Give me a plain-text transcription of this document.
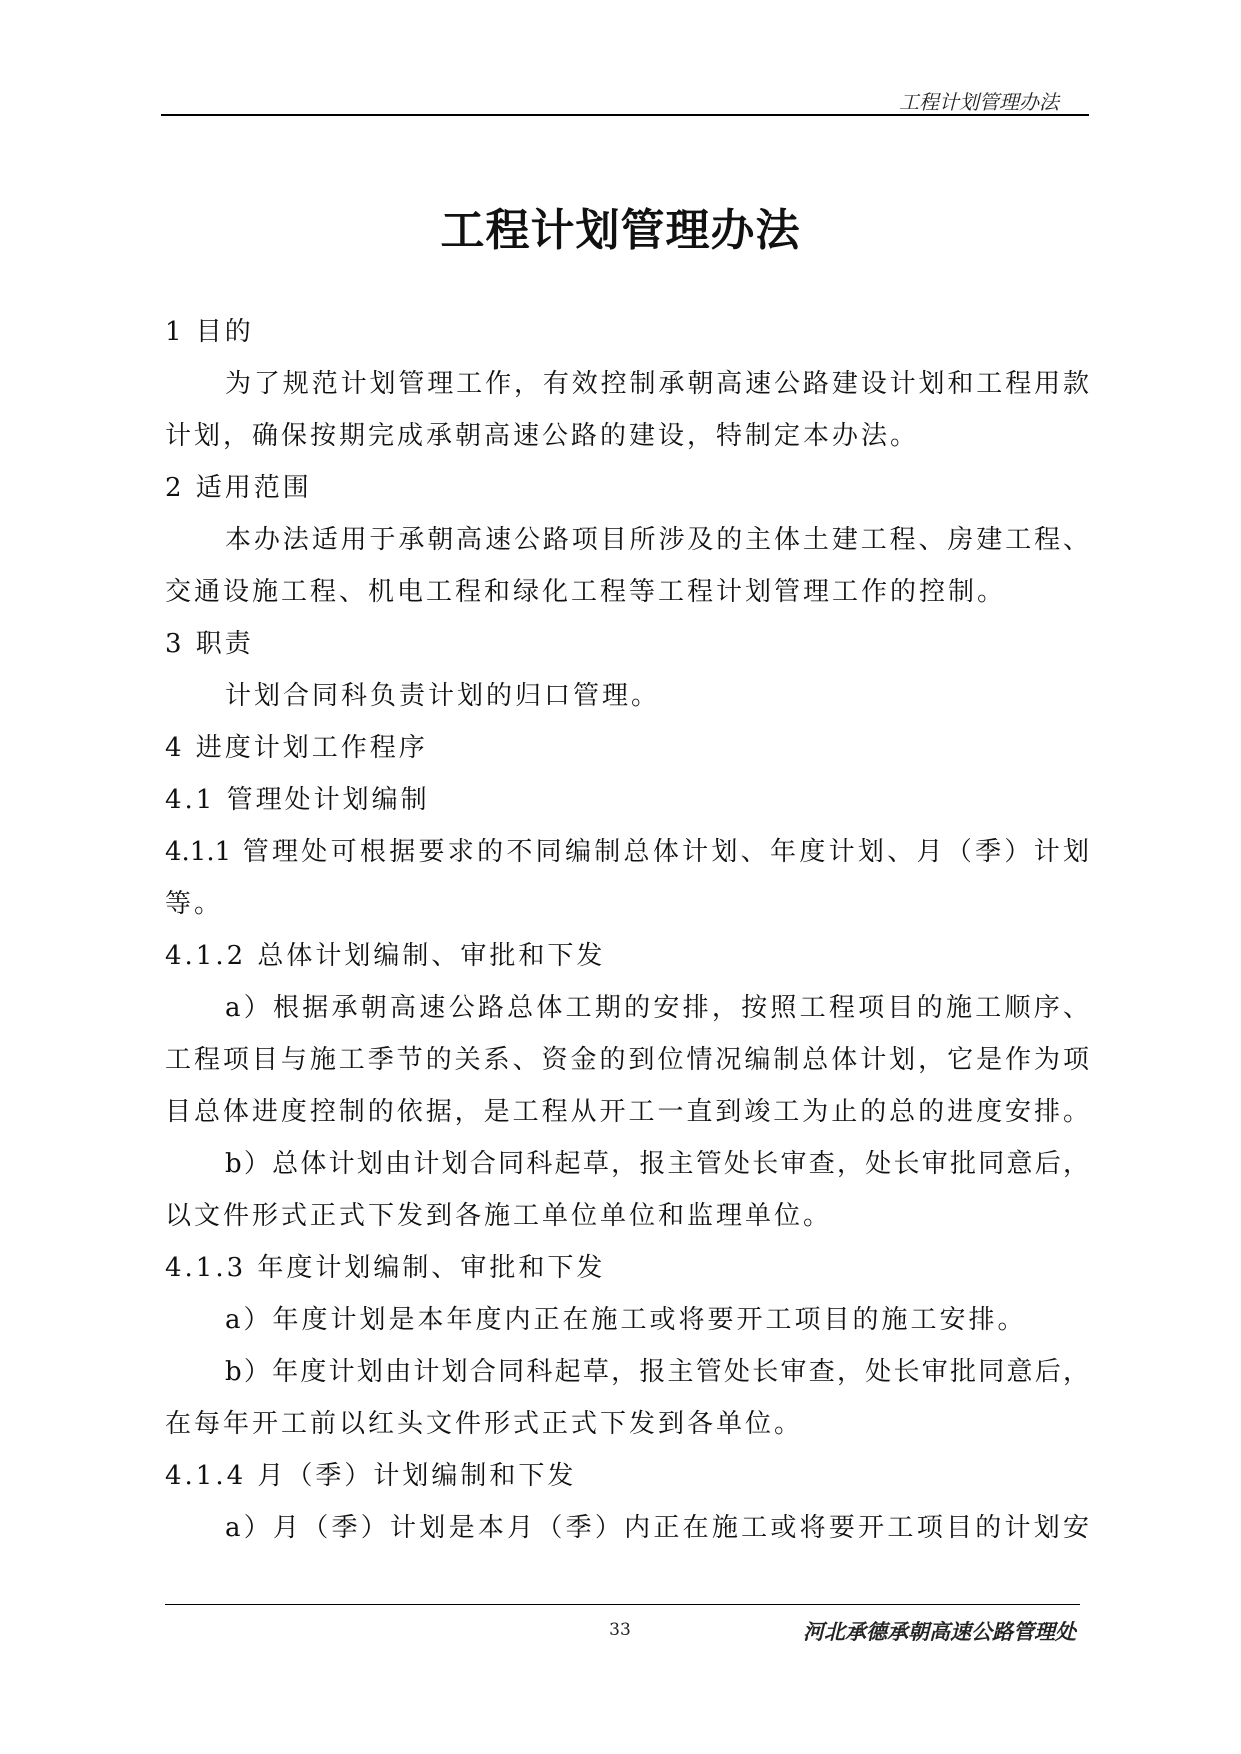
工程计划管理办法

工程计划管理办法
1 目的
为了规范计划管理工作，有效控制承朝高速公路建设计划和工程用款
计划，确保按期完成承朝高速公路的建设，特制定本办法。
2 适用范围
本办法适用于承朝高速公路项目所涉及的主体土建工程、房建工程、
交通设施工程、机电工程和绿化工程等工程计划管理工作的控制。
3 职责
计划合同科负责计划的归口管理。
4 进度计划工作程序
4.1 管理处计划编制
4.1.1 管理处可根据要求的不同编制总体计划、年度计划、月（季）计划
等。
4.1.2 总体计划编制、审批和下发
a）根据承朝高速公路总体工期的安排，按照工程项目的施工顺序、
工程项目与施工季节的关系、资金的到位情况编制总体计划，它是作为项
目总体进度控制的依据，是工程从开工一直到竣工为止的总的进度安排。
b）总体计划由计划合同科起草，报主管处长审查，处长审批同意后，
以文件形式正式下发到各施工单位单位和监理单位。
4.1.3 年度计划编制、审批和下发
a）年度计划是本年度内正在施工或将要开工项目的施工安排。
b）年度计划由计划合同科起草，报主管处长审查，处长审批同意后，
在每年开工前以红头文件形式正式下发到各单位。
4.1.4 月（季）计划编制和下发
a）月（季）计划是本月（季）内正在施工或将要开工项目的计划安

33	河北承德承朝高速公路管理处
